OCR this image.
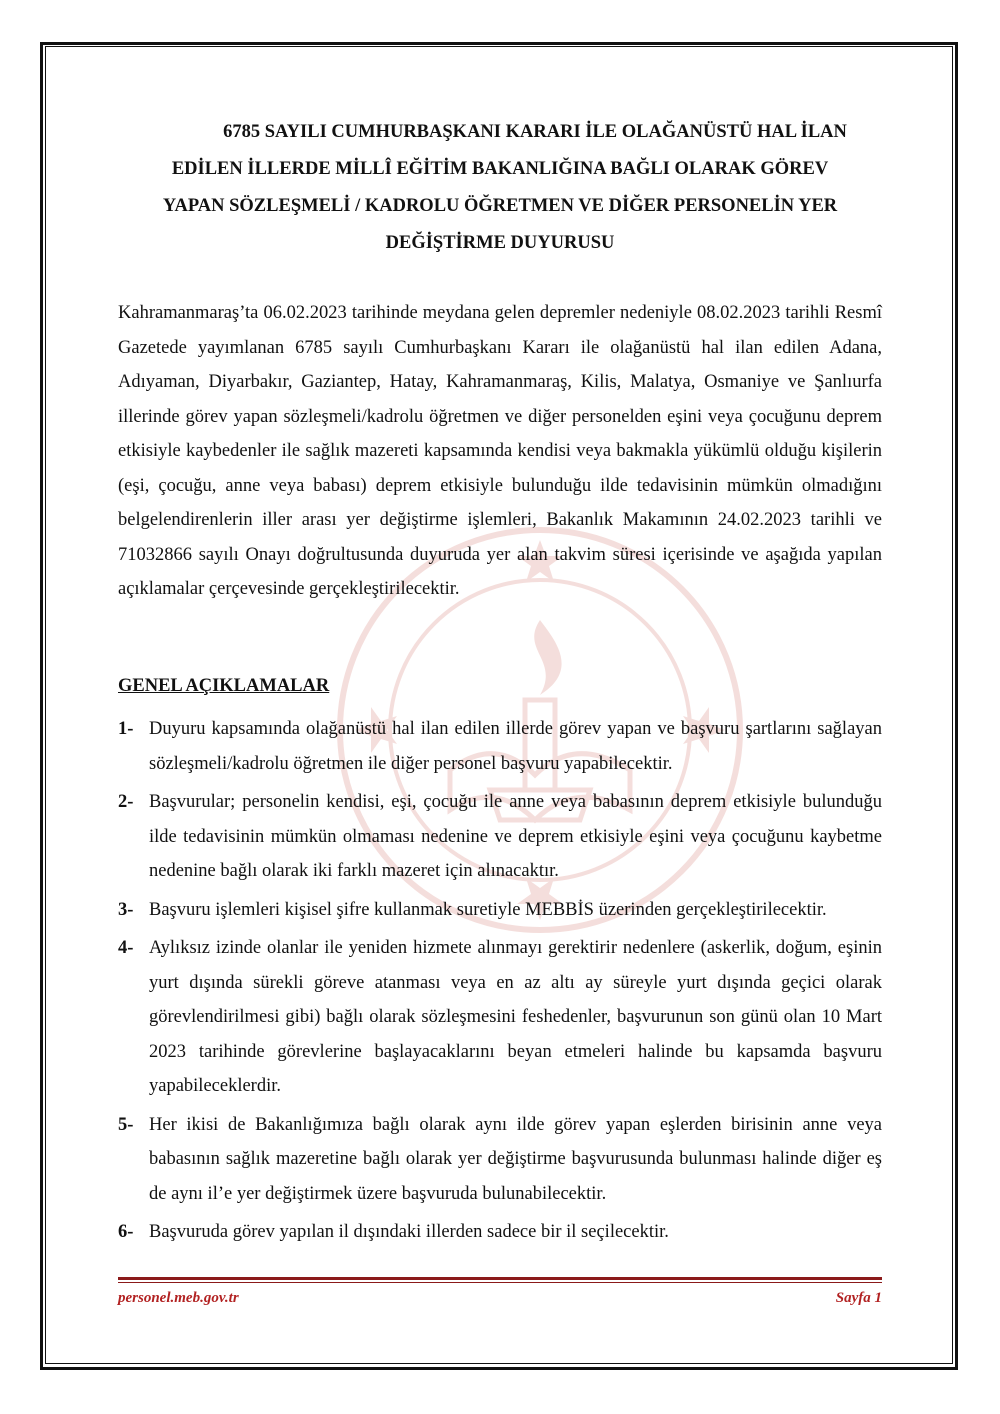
6785 SAYILI CUMHURBAŞKANI KARARI İLE OLAĞANÜSTÜ HAL İLAN
EDİLEN İLLERDE MİLLÎ EĞİTİM BAKANLIĞINA BAĞLI OLARAK GÖREV
YAPAN SÖZLEŞMELİ / KADROLU ÖĞRETMEN VE DİĞER PERSONELİN YER
DEĞİŞTİRME DUYURUSU
Kahramanmaraş’ta 06.02.2023 tarihinde meydana gelen depremler nedeniyle 08.02.2023 tarihli Resmî Gazetede yayımlanan 6785 sayılı Cumhurbaşkanı Kararı ile olağanüstü hal ilan edilen Adana, Adıyaman, Diyarbakır, Gaziantep, Hatay, Kahramanmaraş, Kilis, Malatya, Osmaniye ve Şanlıurfa illerinde görev yapan sözleşmeli/kadrolu öğretmen ve diğer personelden eşini veya çocuğunu deprem etkisiyle kaybedenler ile sağlık mazereti kapsamında kendisi veya bakmakla yükümlü olduğu kişilerin (eşi, çocuğu, anne veya babası) deprem etkisiyle bulunduğu ilde tedavisinin mümkün olmadığını belgelendirenlerin iller arası yer değiştirme işlemleri, Bakanlık Makamının 24.02.2023 tarihli ve 71032866 sayılı Onayı doğrultusunda duyuruda yer alan takvim süresi içerisinde ve aşağıda yapılan açıklamalar çerçevesinde gerçekleştirilecektir.
GENEL AÇIKLAMALAR
1- Duyuru kapsamında olağanüstü hal ilan edilen illerde görev yapan ve başvuru şartlarını sağlayan sözleşmeli/kadrolu öğretmen ile diğer personel başvuru yapabilecektir.
2- Başvurular; personelin kendisi, eşi, çocuğu ile anne veya babasının deprem etkisiyle bulunduğu ilde tedavisinin mümkün olmaması nedenine ve deprem etkisiyle eşini veya çocuğunu kaybetme nedenine bağlı olarak iki farklı mazeret için alınacaktır.
3- Başvuru işlemleri kişisel şifre kullanmak suretiyle MEBBİS üzerinden gerçekleştirilecektir.
4- Aylıksız izinde olanlar ile yeniden hizmete alınmayı gerektirir nedenlere (askerlik, doğum, eşinin yurt dışında sürekli göreve atanması veya en az altı ay süreyle yurt dışında geçici olarak görevlendirilmesi gibi) bağlı olarak sözleşmesini feshedenler, başvurunun son günü olan 10 Mart 2023 tarihinde görevlerine başlayacaklarını beyan etmeleri halinde bu kapsamda başvuru yapabileceklerdir.
5- Her ikisi de Bakanlığımıza bağlı olarak aynı ilde görev yapan eşlerden birisinin anne veya babasının sağlık mazeretine bağlı olarak yer değiştirme başvurusunda bulunması halinde diğer eş de aynı il’e yer değiştirmek üzere başvuruda bulunabilecektir.
6- Başvuruda görev yapılan il dışındaki illerden sadece bir il seçilecektir.
personel.meb.gov.tr	Sayfa 1
